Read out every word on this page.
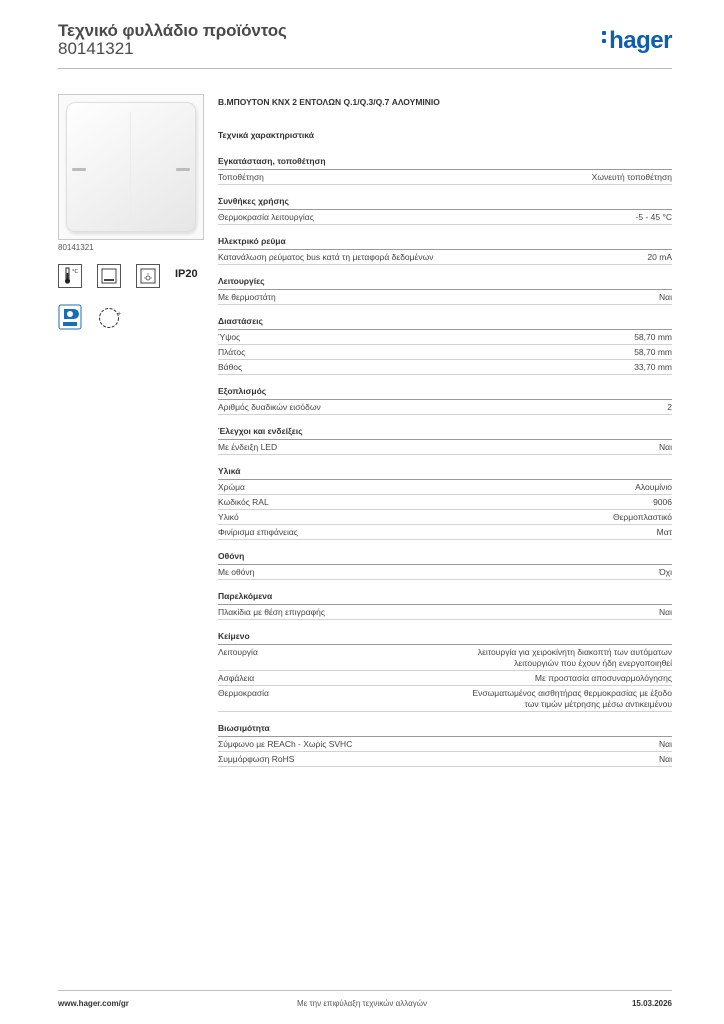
Τεχνικό φυλλάδιο προϊόντος
80141321	hager
80141321
°C	IP20
+
Β.ΜΠΟΥΤΟΝ KNX 2 ΕΝΤΟΛΩΝ Q.1/Q.3/Q.7 ΑΛΟΥΜΙΝΙΟ
Τεχνικά χαρακτηριστικά
Εγκατάσταση, τοποθέτηση
Τοποθέτηση	Χωνευτή τοποθέτηση
Συνθήκες χρήσης
Θερμοκρασία λειτουργίας	-5 - 45 °C
Ηλεκτρικό ρεύμα
Κατανάλωση ρεύματος bus κατά τη μεταφορά δεδομένων	20 mA
Λειτουργίες
Με θερμοστάτη	Ναι
Διαστάσεις
Ύψος	58,70 mm
Πλάτος	58,70 mm
Βάθος	33,70 mm
Εξοπλισμός
Αριθμός δυαδικών εισόδων	2
Έλεγχοι και ενδείξεις
Με ένδειξη LED	Ναι
Υλικά
Χρώμα	Αλουμίνιο
Κωδικός RAL	9006
Υλικό	Θερμοπλαστικό
Φινίρισμα επιφάνειας	Ματ
Οθόνη
Με οθόνη	Όχι
Παρελκόμενα
Πλακίδια με θέση επιγραφής	Ναι
Κείμενο
Λειτουργία	λειτουργία για χειροκίνητη διακοπτή των αυτόματων λειτουργιών που έχουν ήδη ενεργοποιηθεί
Ασφάλεια	Με προστασία αποσυναρμολόγησης
Θερμοκρασία	Ενσωματωμένος αισθητήρας θερμοκρασίας με έξοδο των τιμών μέτρησης μέσω αντικειμένου
Βιωσιμότητα
Σύμφωνο με REACh - Χωρίς SVHC	Ναι
Συμμόρφωση RoHS	Ναι
www.hager.com/gr	Με την επιφύλαξη τεχνικών αλλαγών	15.03.2026
